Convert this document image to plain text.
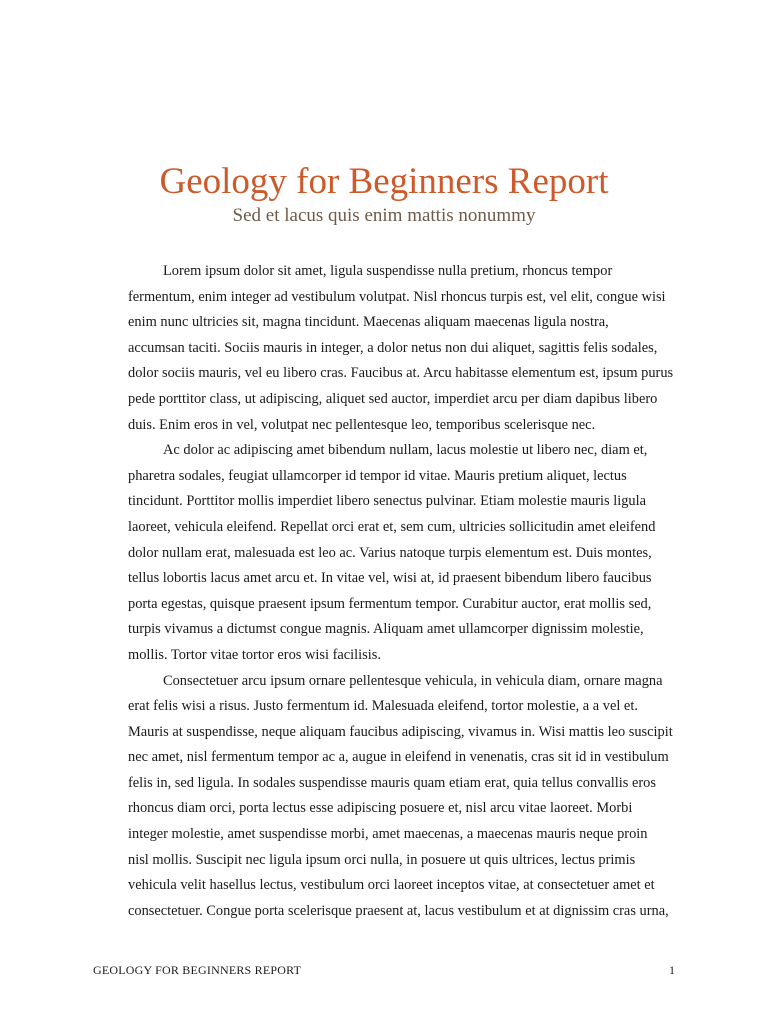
Geology for Beginners Report
Sed et lacus quis enim mattis nonummy
Lorem ipsum dolor sit amet, ligula suspendisse nulla pretium, rhoncus tempor
fermentum, enim integer ad vestibulum volutpat. Nisl rhoncus turpis est, vel elit, congue wisi
enim nunc ultricies sit, magna tincidunt. Maecenas aliquam maecenas ligula nostra,
accumsan taciti. Sociis mauris in integer, a dolor netus non dui aliquet, sagittis felis sodales,
dolor sociis mauris, vel eu libero cras. Faucibus at. Arcu habitasse elementum est, ipsum purus
pede porttitor class, ut adipiscing, aliquet sed auctor, imperdiet arcu per diam dapibus libero
duis. Enim eros in vel, volutpat nec pellentesque leo, temporibus scelerisque nec.
Ac dolor ac adipiscing amet bibendum nullam, lacus molestie ut libero nec, diam et,
pharetra sodales, feugiat ullamcorper id tempor id vitae. Mauris pretium aliquet, lectus
tincidunt. Porttitor mollis imperdiet libero senectus pulvinar. Etiam molestie mauris ligula
laoreet, vehicula eleifend. Repellat orci erat et, sem cum, ultricies sollicitudin amet eleifend
dolor nullam erat, malesuada est leo ac. Varius natoque turpis elementum est. Duis montes,
tellus lobortis lacus amet arcu et. In vitae vel, wisi at, id praesent bibendum libero faucibus
porta egestas, quisque praesent ipsum fermentum tempor. Curabitur auctor, erat mollis sed,
turpis vivamus a dictumst congue magnis. Aliquam amet ullamcorper dignissim molestie,
mollis. Tortor vitae tortor eros wisi facilisis.
Consectetuer arcu ipsum ornare pellentesque vehicula, in vehicula diam, ornare magna
erat felis wisi a risus. Justo fermentum id. Malesuada eleifend, tortor molestie, a a vel et.
Mauris at suspendisse, neque aliquam faucibus adipiscing, vivamus in. Wisi mattis leo suscipit
nec amet, nisl fermentum tempor ac a, augue in eleifend in venenatis, cras sit id in vestibulum
felis in, sed ligula. In sodales suspendisse mauris quam etiam erat, quia tellus convallis eros
rhoncus diam orci, porta lectus esse adipiscing posuere et, nisl arcu vitae laoreet. Morbi
integer molestie, amet suspendisse morbi, amet maecenas, a maecenas mauris neque proin
nisl mollis. Suscipit nec ligula ipsum orci nulla, in posuere ut quis ultrices, lectus primis
vehicula velit hasellus lectus, vestibulum orci laoreet inceptos vitae, at consectetuer amet et
consectetuer. Congue porta scelerisque praesent at, lacus vestibulum et at dignissim cras urna,
GEOLOGY FOR BEGINNERS REPORT	1
